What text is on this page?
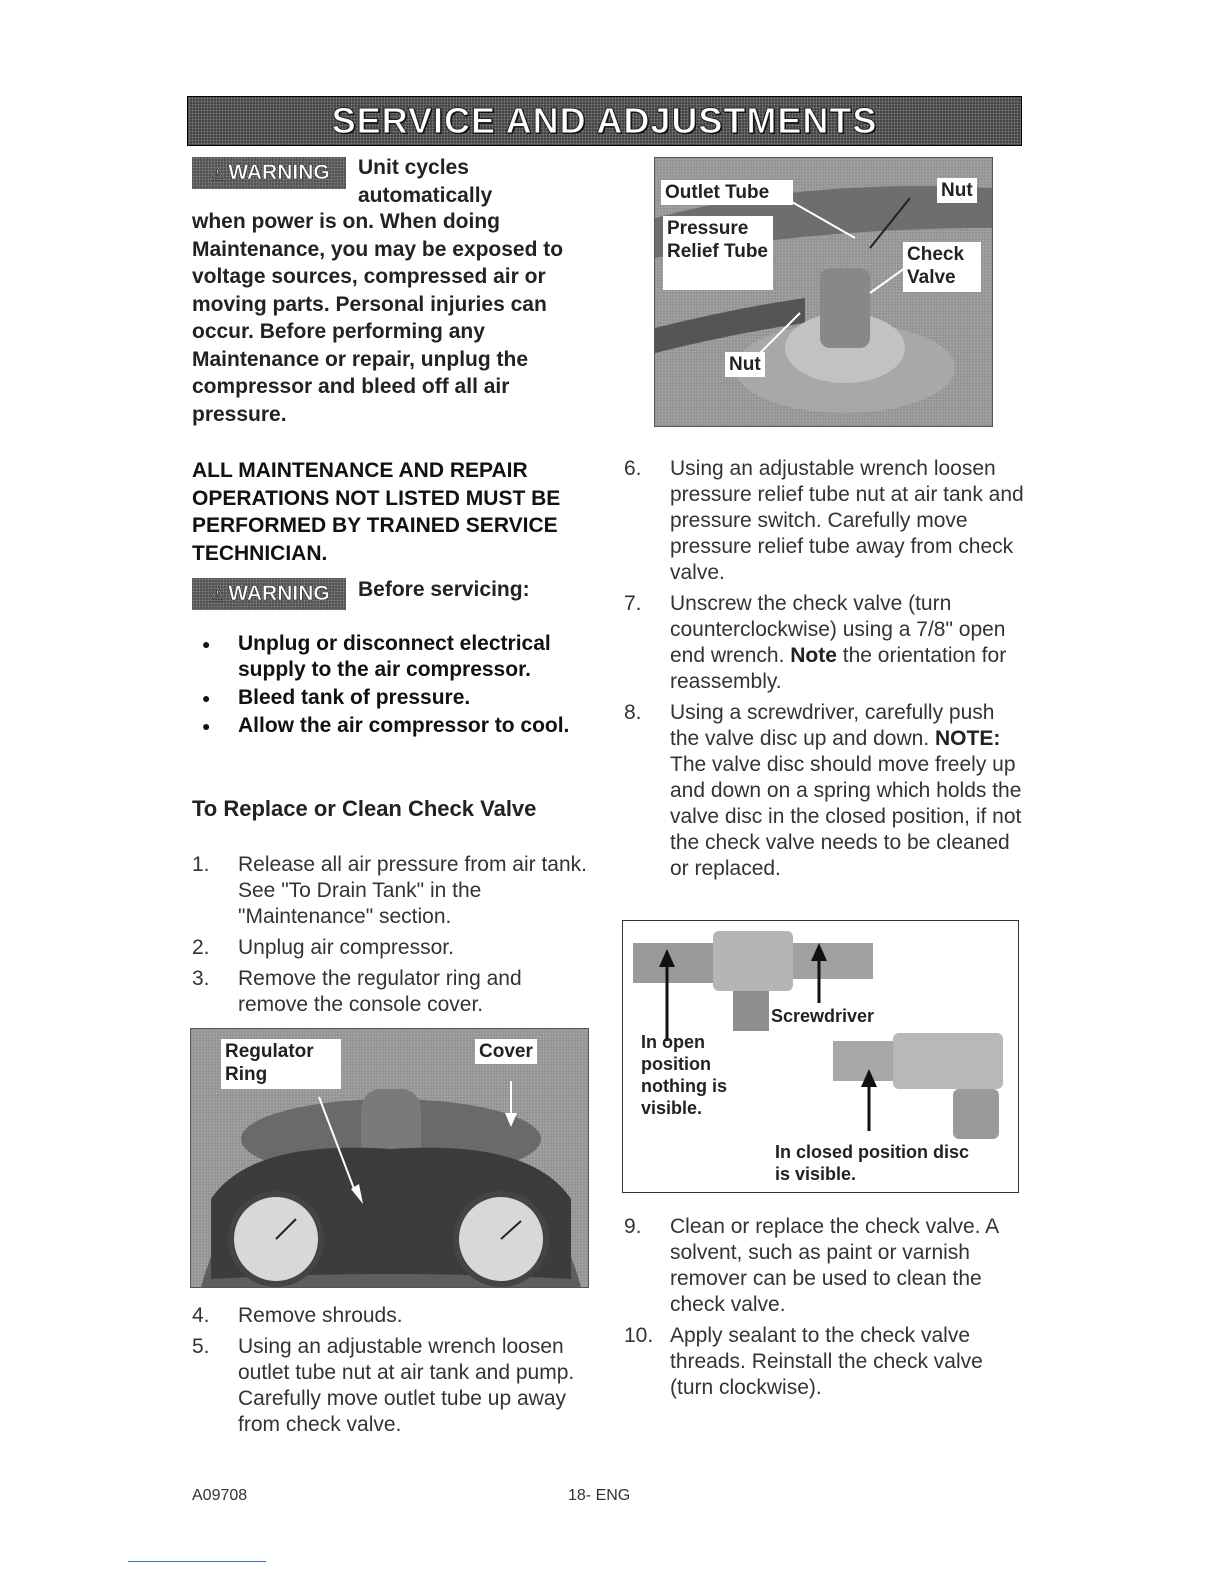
SERVICE AND ADJUSTMENTS
⚠ WARNING Unit cycles
automatically
when power is on. When doing Maintenance, you may be exposed to voltage sources, compressed air or moving parts. Personal injuries can occur. Before performing any Maintenance or repair, unplug the compressor and bleed off all air pressure.
ALL MAINTENANCE AND REPAIR OPERATIONS NOT LISTED MUST BE PERFORMED BY TRAINED SERVICE TECHNICIAN.
⚠ WARNING Before servicing:
● Unplug or disconnect electrical supply to the air compressor.
● Bleed tank of pressure.
● Allow the air compressor to cool.
To Replace or Clean Check Valve
1. Release all air pressure from air tank. See "To Drain Tank" in the "Maintenance" section.
2. Unplug air compressor.
3. Remove the regulator ring and remove the console cover.
Regulator Ring
Cover
4. Remove shrouds.
5. Using an adjustable wrench loosen outlet tube nut at air tank and pump. Carefully move outlet tube up away from check valve.
Outlet Tube	Nut
Pressure Relief Tube	Check Valve
Nut
6. Using an adjustable wrench loosen pressure relief tube nut at air tank and pressure switch. Carefully move pressure relief tube away from check valve.
7. Unscrew the check valve (turn counterclockwise) using a 7/8" open end wrench. Note the orientation for reassembly.
8. Using a screwdriver, carefully push the valve disc up and down. NOTE: The valve disc should move freely up and down on a spring which holds the valve disc in the closed position, if not the check valve needs to be cleaned or replaced.
Screwdriver
In open position nothing is visible.
In closed position disc is visible.
9. Clean or replace the check valve. A solvent, such as paint or varnish remover can be used to clean the check valve.
10. Apply sealant to the check valve threads. Reinstall the check valve (turn clockwise).
A09708	18- ENG
